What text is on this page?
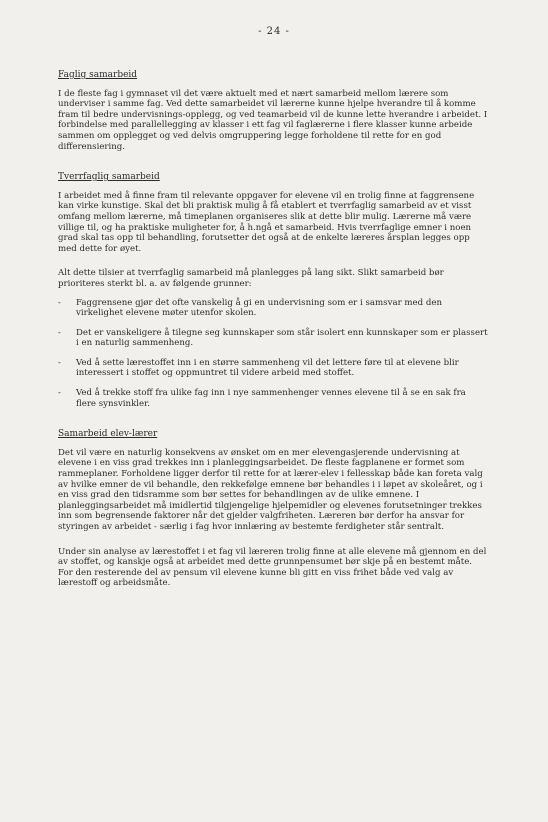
- 24 -
Faglig samarbeid

I de fleste fag i gymnaset vil det være aktuelt med et nært samarbeid mellom lærere som underviser i samme fag. Ved dette samarbeidet vil lærerne kunne hjelpe hverandre til å komme fram til bedre undervisnings-opplegg, og ved teamarbeid vil de kunne lette hverandre i arbeidet. I forbindelse med parallellegging av klasser i ett fag vil faglærerne i flere klasser kunne arbeide sammen om opplegget og ved delvis omgruppering legge forholdene til rette for en god differensiering.

Tverrfaglig samarbeid

I arbeidet med å finne fram til relevante oppgaver for elevene vil en trolig finne at faggrensene kan virke kunstige. Skal det bli praktisk mulig å få etablert et tverrfaglig samarbeid av et visst omfang mellom lærerne, må timeplanen organiseres slik at dette blir mulig. Lærerne må være villige til, og ha praktiske muligheter for, å h.ngå et samarbeid. Hvis tverrfaglige emner i noen grad skal tas opp til behandling, forutsetter det også at de enkelte læreres årsplan legges opp med dette for øyet.

Alt dette tilsier at tverrfaglig samarbeid må planlegges på lang sikt. Slikt samarbeid bør prioriteres sterkt bl. a. av følgende grunner:

-	Faggrensene gjør det ofte vanskelig å gi en undervisning som er i samsvar med den virkelighet elevene møter utenfor skolen.
-	Det er vanskeligere å tilegne seg kunnskaper som står isolert enn kunnskaper som er plassert i en naturlig sammenheng.
-	Ved å sette lærestoffet inn i en større sammenheng vil det lettere føre til at elevene blir interessert i stoffet og oppmuntret til videre arbeid med stoffet.
-	Ved å trekke stoff fra ulike fag inn i nye sammenhenger vennes elevene til å se en sak fra flere synsvinkler.
Samarbeid elev-lærer

Det vil være en naturlig konsekvens av ønsket om en mer elevengasjerende undervisning at elevene i en viss grad trekkes inn i planleggingsarbeidet. De fleste fagplanene er formet som rammeplaner. Forholdene ligger derfor til rette for at lærer-elev i fellesskap både kan foreta valg av hvilke emner de vil behandle, den rekkefølge emnene bør behandles i i løpet av skoleåret, og i en viss grad den tidsramme som bør settes for behandlingen av de ulike emnene. I planleggingsarbeidet må imidlertid tilgjengelige hjelpemidler og elevenes forutsetninger trekkes inn som begrensende faktorer når det gjelder valgfriheten. Læreren bør derfor ha ansvar for styringen av arbeidet - særlig i fag hvor innlæring av bestemte ferdigheter står sentralt.

Under sin analyse av lærestoffet i et fag vil læreren trolig finne at alle elevene må gjennom en del av stoffet, og kanskje også at arbeidet med dette grunnpensumet bør skje på en bestemt måte. For den resterende del av pensum vil elevene kunne bli gitt en viss frihet både ved valg av lærestoff og arbeidsmåte.
